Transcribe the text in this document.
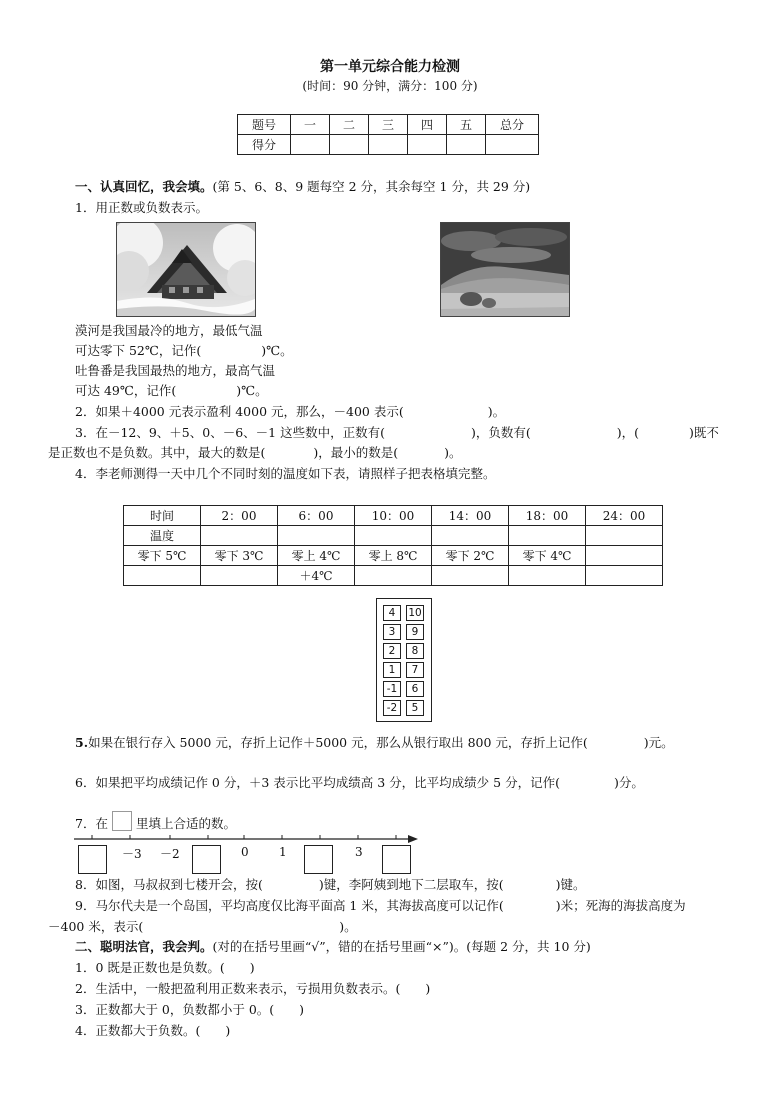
第一单元综合能力检测
(时间：90 分钟，满分：100 分)
题号	一	二	三	四	五	总分
得分						
一、认真回忆，我会填。(第 5、6、8、9 题每空 2 分，其余每空 1 分，共 29 分)
1．用正数或负数表示。
漠河是我国最冷的地方，最低气温
可达零下 52℃，记作(	)℃。
吐鲁番是我国最热的地方，最高气温
可达 49℃，记作(	)℃。
2．如果＋4000 元表示盈利 4000 元，那么，－400 表示(	)。
3．在－12、9、＋5、0、－6、－1 这些数中，正数有(	)，负数有(	)，(	)既不
是正数也不是负数。其中，最大的数是(	)，最小的数是(	)。
4．李老师测得一天中几个不同时刻的温度如下表，请照样子把表格填完整。
时间	2：00	6：00	10：00	14：00	18：00	24：00
温度						
零下 5℃	零下 3℃	零上 4℃	零上 8℃	零下 2℃	零下 4℃	
		＋4℃				
4	10
3	9
2	8
1	7
-1	6
-2	5
5.如果在银行存入 5000 元，存折上记作＋5000 元，那么从银行取出 800 元，存折上记作(	)元。
6．如果把平均成绩记作 0 分，＋3 表示比平均成绩高 3 分，比平均成绩少 5 分，记作(	)分。
7．在 里填上合适的数。
－3 －2	0	1	3
8．如图，马叔叔到七楼开会，按(	)键，李阿姨到地下二层取车，按(	)键。
9．马尔代夫是一个岛国，平均高度仅比海平面高 1 米，其海拔高度可以记作(	)米；死海的海拔高度为
－400 米，表示(	)。
二、聪明法官，我会判。(对的在括号里画“√”，错的在括号里画“×”)。(每题 2 分，共 10 分)
1．0 既是正数也是负数。(　　)
2．生活中，一般把盈利用正数来表示，亏损用负数表示。(　　)
3．正数都大于 0，负数都小于 0。(　　)
4．正数都大于负数。(　　)
